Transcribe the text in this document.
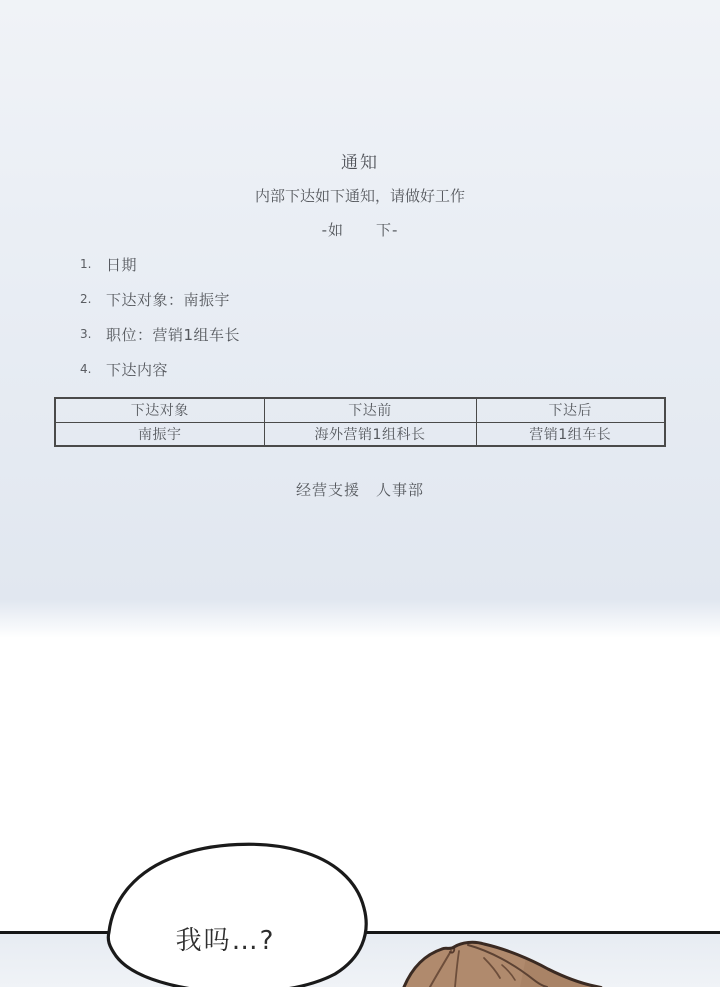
通知
内部下达如下通知，请做好工作
-如　　下-
1. 日期
2. 下达对象：南振宇
3. 职位：营销1组车长
4. 下达内容
下达对象	下达前	下达后
南振宇	海外营销1组科长	营销1组车长
经营支援　人事部
我吗…?
